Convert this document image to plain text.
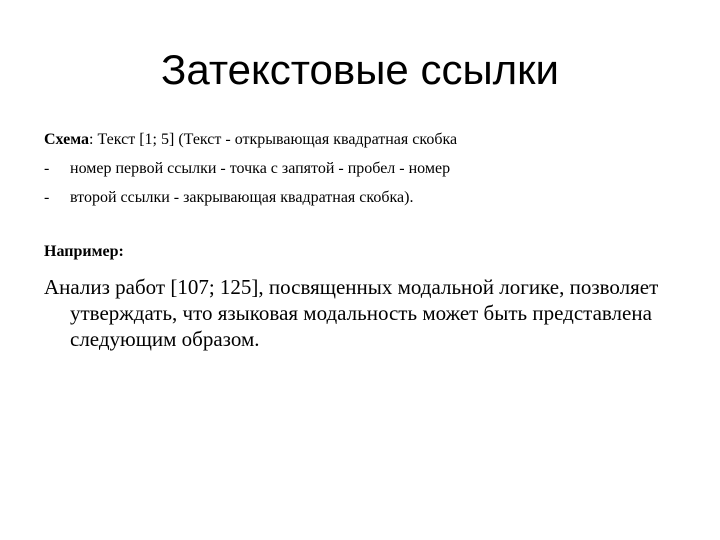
Затекстовые ссылки

Схема: Текст [1; 5] (Текст - открывающая квадратная скобка

- номер первой ссылки - точка с запятой - пробел - номер

- второй ссылки - закрывающая квадратная скобка).

Например:

Анализ работ [107; 125], посвященных модальной логике, позволяет утверждать, что языковая модальность может быть представлена следующим образом.
